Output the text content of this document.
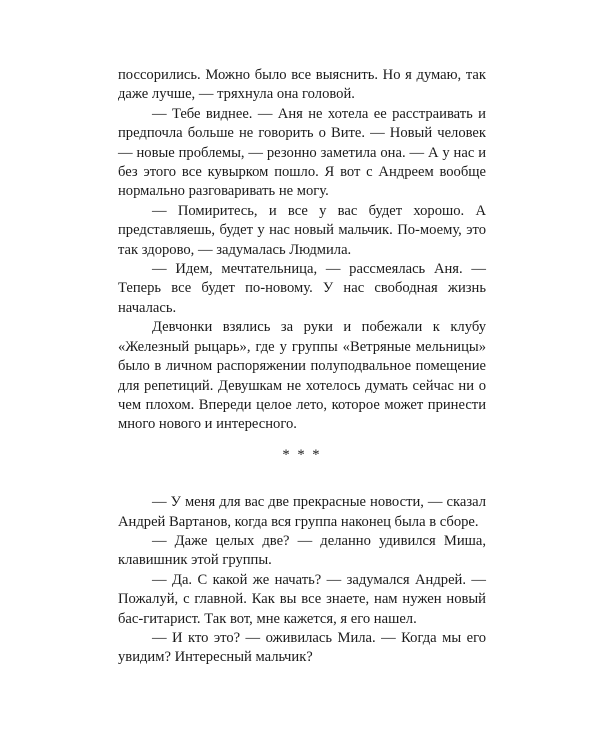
поссорились. Можно было все выяснить. Но я думаю, так даже лучше, — тряхнула она головой.

— Тебе виднее. — Аня не хотела ее расстраивать и предпочла больше не говорить о Вите. — Новый человек — новые проблемы, — резонно заметила она. — А у нас и без этого все кувырком пошло. Я вот с Андреем вообще нормально разговаривать не могу.

— Помиритесь, и все у вас будет хорошо. А представляешь, будет у нас новый мальчик. По-моему, это так здорово, — задумалась Людмила.

— Идем, мечтательница, — рассмеялась Аня. — Теперь все будет по-новому. У нас свободная жизнь началась.

Девчонки взялись за руки и побежали к клубу «Железный рыцарь», где у группы «Ветряные мельницы» было в личном распоряжении полуподвальное помещение для репетиций. Девушкам не хотелось думать сейчас ни о чем плохом. Впереди целое лето, которое может принести много нового и интересного.

* * *

— У меня для вас две прекрасные новости, — сказал Андрей Вартанов, когда вся группа наконец была в сборе.

— Даже целых две? — деланно удивился Миша, клавишник этой группы.

— Да. С какой же начать? — задумался Андрей. — Пожалуй, с главной. Как вы все знаете, нам нужен новый бас-гитарист. Так вот, мне кажется, я его нашел.

— И кто это? — оживилась Мила. — Когда мы его увидим? Интересный мальчик?
